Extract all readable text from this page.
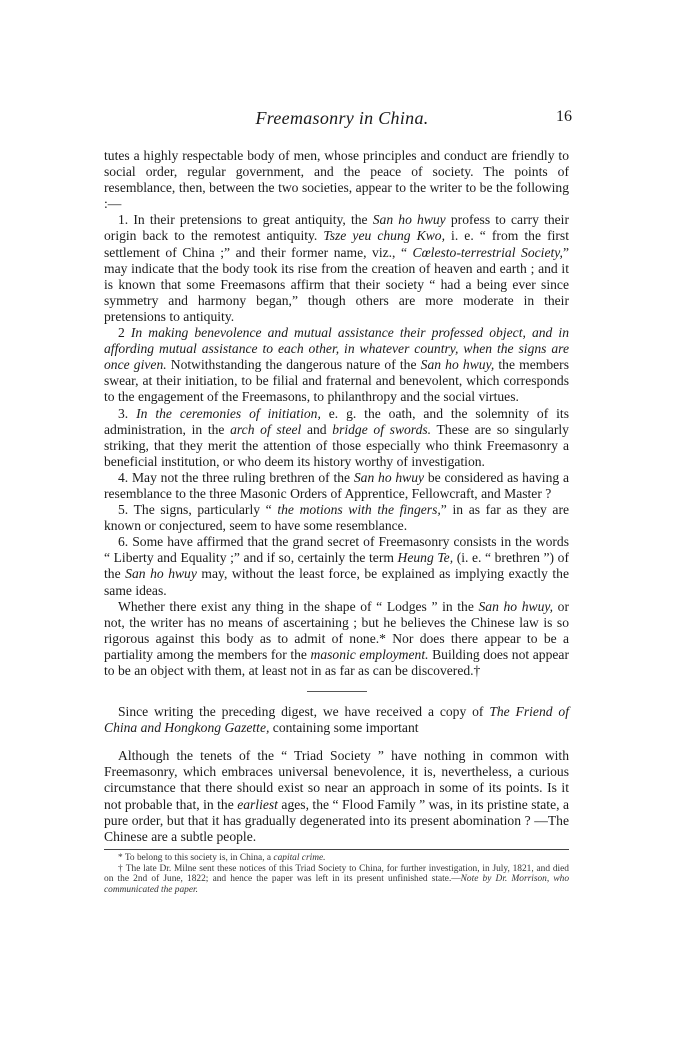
Freemasonry in China.	16

tutes a highly respectable body of men, whose principles and conduct are friendly to social order, regular government, and the peace of society. The points of resemblance, then, between the two societies, appear to the writer to be the following :—

1. In their pretensions to great antiquity, the San ho hwuy profess to carry their origin back to the remotest antiquity. Tsze yeu chung Kwo, i. e. “ from the first settlement of China ;” and their former name, viz., “ Cœlesto-terrestrial Society,” may indicate that the body took its rise from the creation of heaven and earth ; and it is known that some Freemasons affirm that their society “ had a being ever since symmetry and harmony began,” though others are more moderate in their pretensions to antiquity.

2 In making benevolence and mutual assistance their professed object, and in affording mutual assistance to each other, in whatever country, when the signs are once given. Notwithstanding the dangerous nature of the San ho hwuy, the members swear, at their initiation, to be filial and fraternal and benevolent, which corresponds to the engagement of the Freemasons, to philanthropy and the social virtues.

3. In the ceremonies of initiation, e. g. the oath, and the solemnity of its administration, in the arch of steel and bridge of swords. These are so singularly striking, that they merit the attention of those especially who think Freemasonry a beneficial institution, or who deem its history worthy of investigation.

4. May not the three ruling brethren of the San ho hwuy be considered as having a resemblance to the three Masonic Orders of Apprentice, Fellowcraft, and Master ?

5. The signs, particularly “ the motions with the fingers,” in as far as they are known or conjectured, seem to have some resemblance.

6. Some have affirmed that the grand secret of Freemasonry consists in the words “ Liberty and Equality ;” and if so, certainly the term Heung Te, (i. e. “ brethren ”) of the San ho hwuy may, without the least force, be explained as implying exactly the same ideas.

Whether there exist any thing in the shape of “ Lodges ” in the San ho hwuy, or not, the writer has no means of ascertaining ; but he believes the Chinese law is so rigorous against this body as to admit of none.* Nor does there appear to be a partiality among the members for the masonic employment. Building does not appear to be an object with them, at least not in as far as can be discovered.†

Since writing the preceding digest, we have received a copy of The Friend of China and Hongkong Gazette, containing some important

Although the tenets of the “ Triad Society ” have nothing in common with Freemasonry, which embraces universal benevolence, it is, nevertheless, a curious circumstance that there should exist so near an approach in some of its points. Is it not probable that, in the earliest ages, the “ Flood Family ” was, in its pristine state, a pure order, but that it has gradually degenerated into its present abomination ? —The Chinese are a subtle people.

* To belong to this society is, in China, a capital crime.

† The late Dr. Milne sent these notices of this Triad Society to China, for further investigation, in July, 1821, and died on the 2nd of June, 1822; and hence the paper was left in its present unfinished state.—Note by Dr. Morrison, who communicated the paper.
